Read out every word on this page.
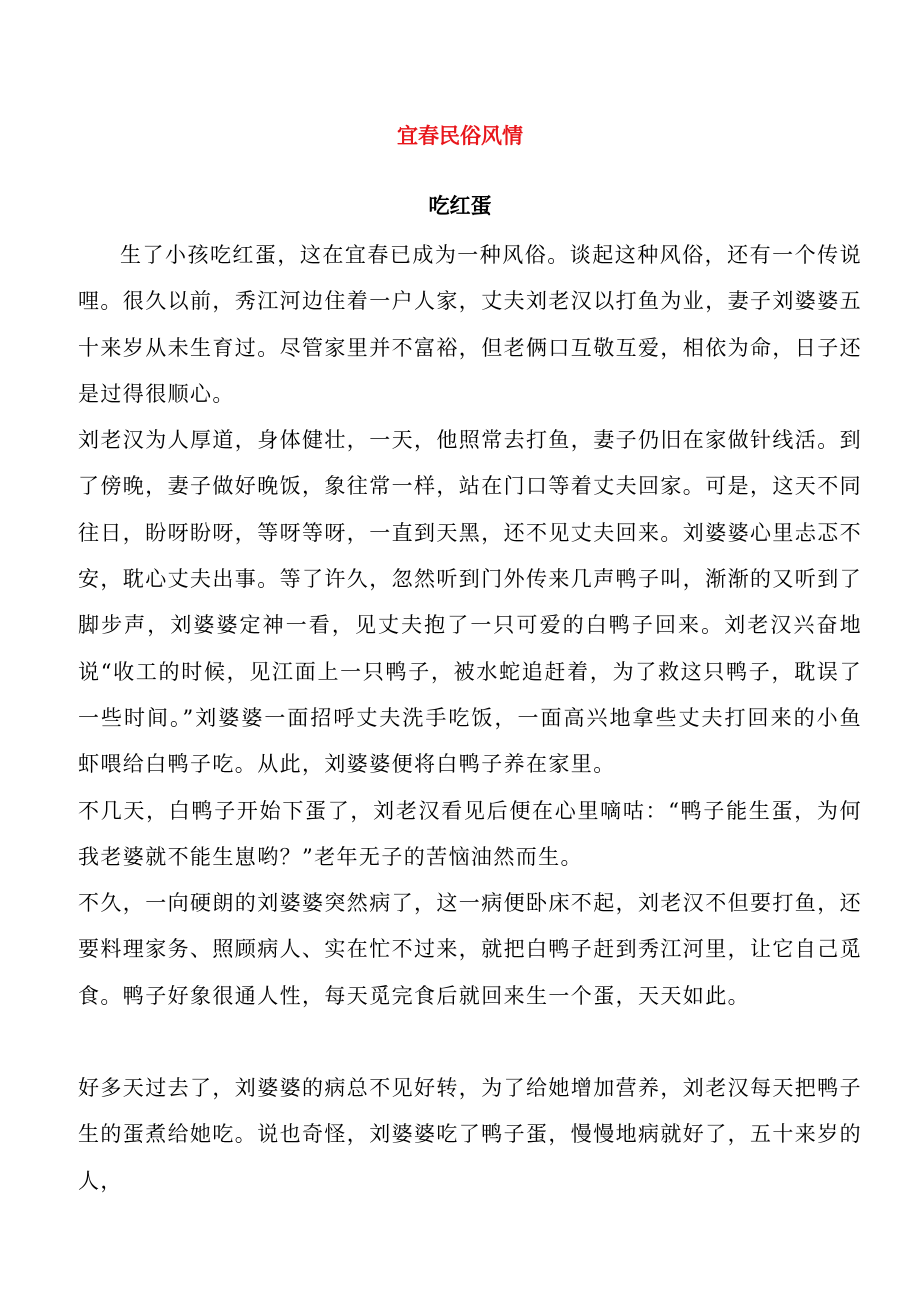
宜春民俗风情
吃红蛋

生了小孩吃红蛋，这在宜春已成为一种风俗。谈起这种风俗，还有一个传说哩。很久以前，秀江河边住着一户人家，丈夫刘老汉以打鱼为业，妻子刘婆婆五十来岁从未生育过。尽管家里并不富裕，但老俩口互敬互爱，相依为命，日子还是过得很顺心。

刘老汉为人厚道，身体健壮，一天，他照常去打鱼，妻子仍旧在家做针线活。到了傍晚，妻子做好晚饭，象往常一样，站在门口等着丈夫回家。可是，这天不同往日，盼呀盼呀，等呀等呀，一直到天黑，还不见丈夫回来。刘婆婆心里忐忑不安，耽心丈夫出事。等了许久，忽然听到门外传来几声鸭子叫，渐渐的又听到了脚步声，刘婆婆定神一看，见丈夫抱了一只可爱的白鸭子回来。刘老汉兴奋地说“收工的时候，见江面上一只鸭子，被水蛇追赶着，为了救这只鸭子，耽误了一些时间。”刘婆婆一面招呼丈夫洗手吃饭，一面高兴地拿些丈夫打回来的小鱼虾喂给白鸭子吃。从此，刘婆婆便将白鸭子养在家里。

不几天，白鸭子开始下蛋了，刘老汉看见后便在心里嘀咕：“鸭子能生蛋，为何我老婆就不能生崽哟？”老年无子的苦恼油然而生。

不久，一向硬朗的刘婆婆突然病了，这一病便卧床不起，刘老汉不但要打鱼，还要料理家务、照顾病人、实在忙不过来，就把白鸭子赶到秀江河里，让它自己觅食。鸭子好象很通人性，每天觅完食后就回来生一个蛋，天天如此。

好多天过去了，刘婆婆的病总不见好转，为了给她增加营养，刘老汉每天把鸭子生的蛋煮给她吃。说也奇怪，刘婆婆吃了鸭子蛋，慢慢地病就好了，五十来岁的人，
